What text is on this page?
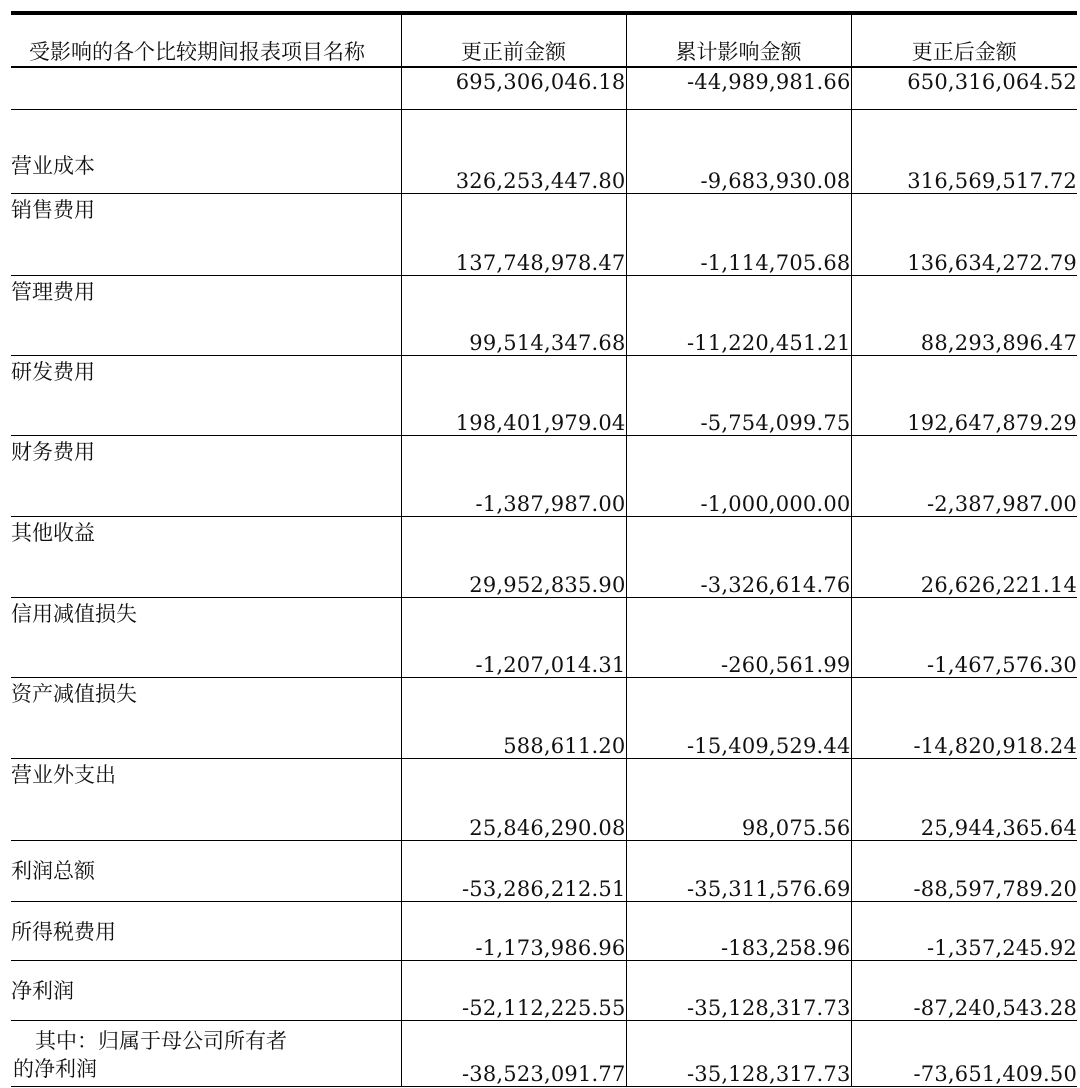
受影响的各个比较期间报表项目名称	更正前金额	累计影响金额	更正后金额
	695,306,046.18	-44,989,981.66	650,316,064.52
营业成本	326,253,447.80	-9,683,930.08	316,569,517.72
销售费用	137,748,978.47	-1,114,705.68	136,634,272.79
管理费用	99,514,347.68	-11,220,451.21	88,293,896.47
研发费用	198,401,979.04	-5,754,099.75	192,647,879.29
财务费用	-1,387,987.00	-1,000,000.00	-2,387,987.00
其他收益	29,952,835.90	-3,326,614.76	26,626,221.14
信用减值损失	-1,207,014.31	-260,561.99	-1,467,576.30
资产减值损失	588,611.20	-15,409,529.44	-14,820,918.24
营业外支出	25,846,290.08	98,075.56	25,944,365.64
利润总额	-53,286,212.51	-35,311,576.69	-88,597,789.20
所得税费用	-1,173,986.96	-183,258.96	-1,357,245.92
净利润	-52,112,225.55	-35,128,317.73	-87,240,543.28

其中：归属于母公司所有者
的净利润	-38,523,091.77	-35,128,317.73	-73,651,409.50
